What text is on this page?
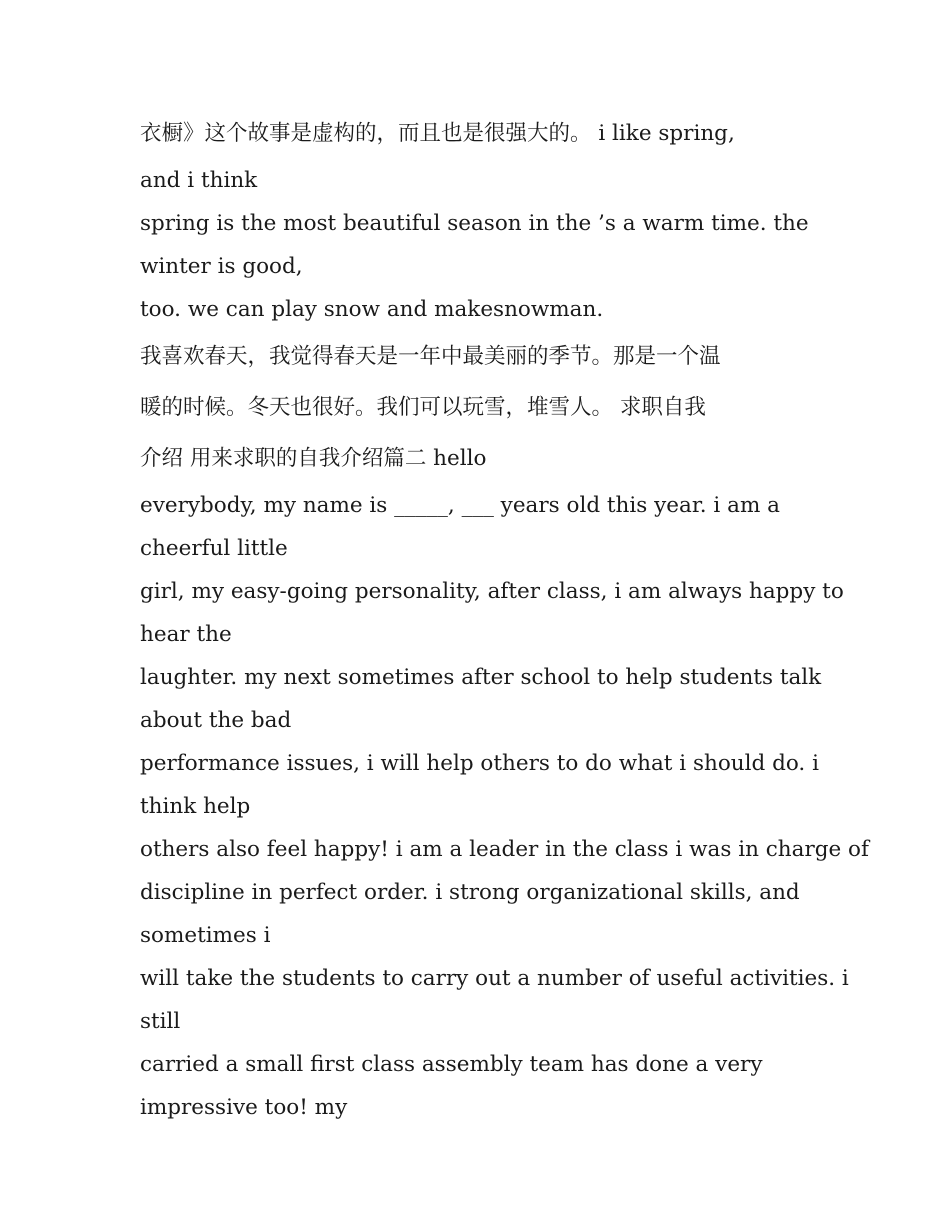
衣橱》这个故事是虚构的，而且也是很强大的。 i like spring,
and i think
spring is the most beautiful season in the ’s a warm time. the
winter is good,
too. we can play snow and makesnowman.
我喜欢春天，我觉得春天是一年中最美丽的季节。那是一个温
暖的时候。冬天也很好。我们可以玩雪，堆雪人。 求职自我
介绍 用来求职的自我介绍篇二 hello
everybody, my name is _____, ___ years old this year. i am a
cheerful little
girl, my easy-going personality, after class, i am always happy to
hear the
laughter. my next sometimes after school to help students talk
about the bad
performance issues, i will help others to do what i should do. i
think help
others also feel happy! i am a leader in the class i was in charge of
discipline in perfect order. i strong organizational skills, and
sometimes i
will take the students to carry out a number of useful activities. i
still
carried a small first class assembly team has done a very
impressive too! my
